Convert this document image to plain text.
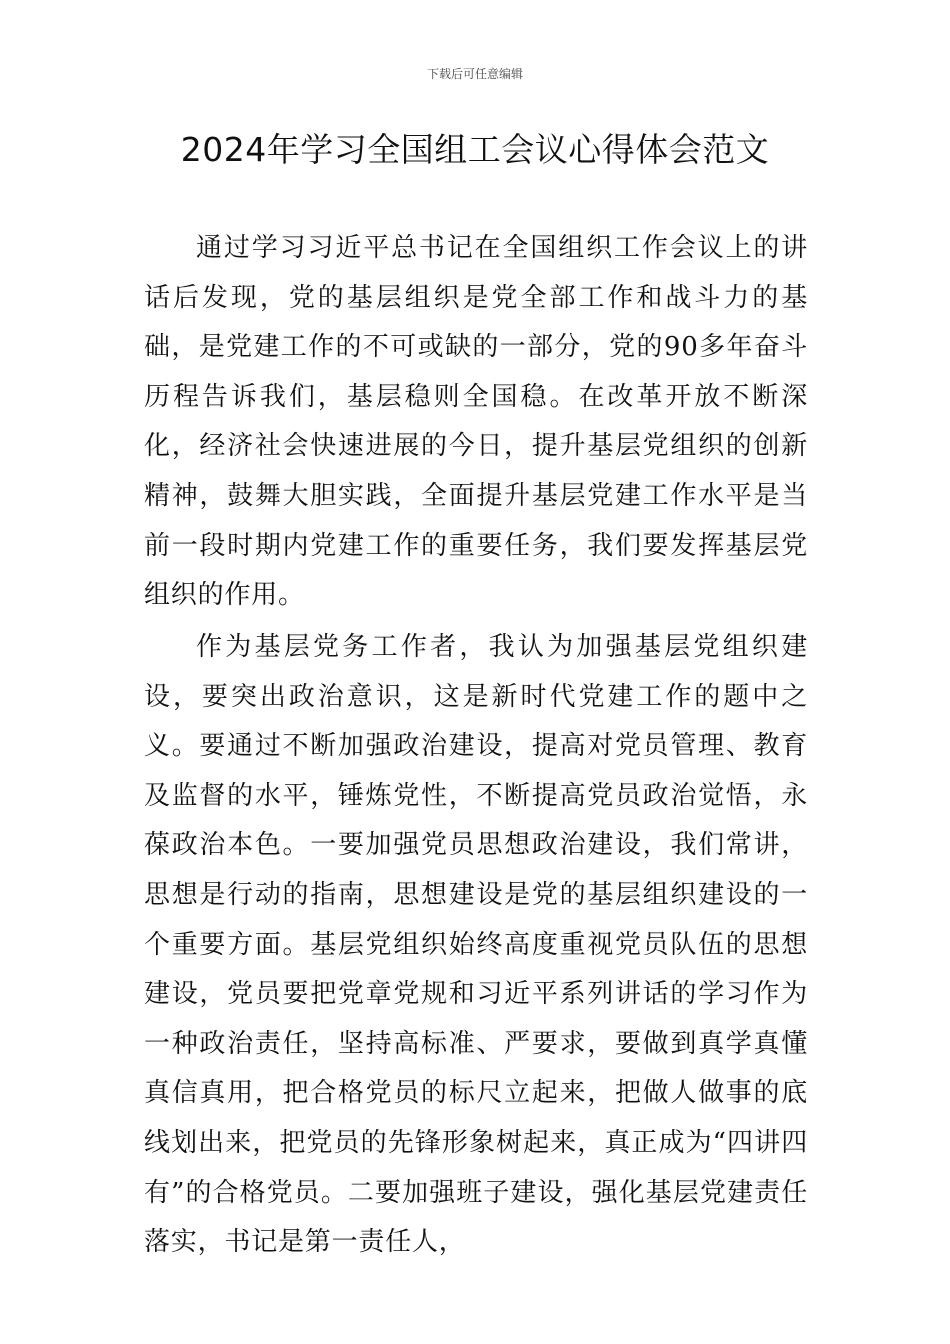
下载后可任意编辑
2024年学习全国组工会议心得体会范文

通过学习习近平总书记在全国组织工作会议上的讲话后发现，党的基层组织是党全部工作和战斗力的基础，是党建工作的不可或缺的一部分，党的90多年奋斗历程告诉我们，基层稳则全国稳。在改革开放不断深化，经济社会快速进展的今日，提升基层党组织的创新精神，鼓舞大胆实践，全面提升基层党建工作水平是当前一段时期内党建工作的重要任务，我们要发挥基层党组织的作用。

作为基层党务工作者，我认为加强基层党组织建设，要突出政治意识，这是新时代党建工作的题中之义。要通过不断加强政治建设，提高对党员管理、教育及监督的水平，锤炼党性，不断提高党员政治觉悟，永葆政治本色。一要加强党员思想政治建设，我们常讲，思想是行动的指南，思想建设是党的基层组织建设的一个重要方面。基层党组织始终高度重视党员队伍的思想建设，党员要把党章党规和习近平系列讲话的学习作为一种政治责任，坚持高标准、严要求，要做到真学真懂真信真用，把合格党员的标尺立起来，把做人做事的底线划出来，把党员的先锋形象树起来，真正成为“四讲四有”的合格党员。二要加强班子建设，强化基层党建责任落实，书记是第一责任人，
